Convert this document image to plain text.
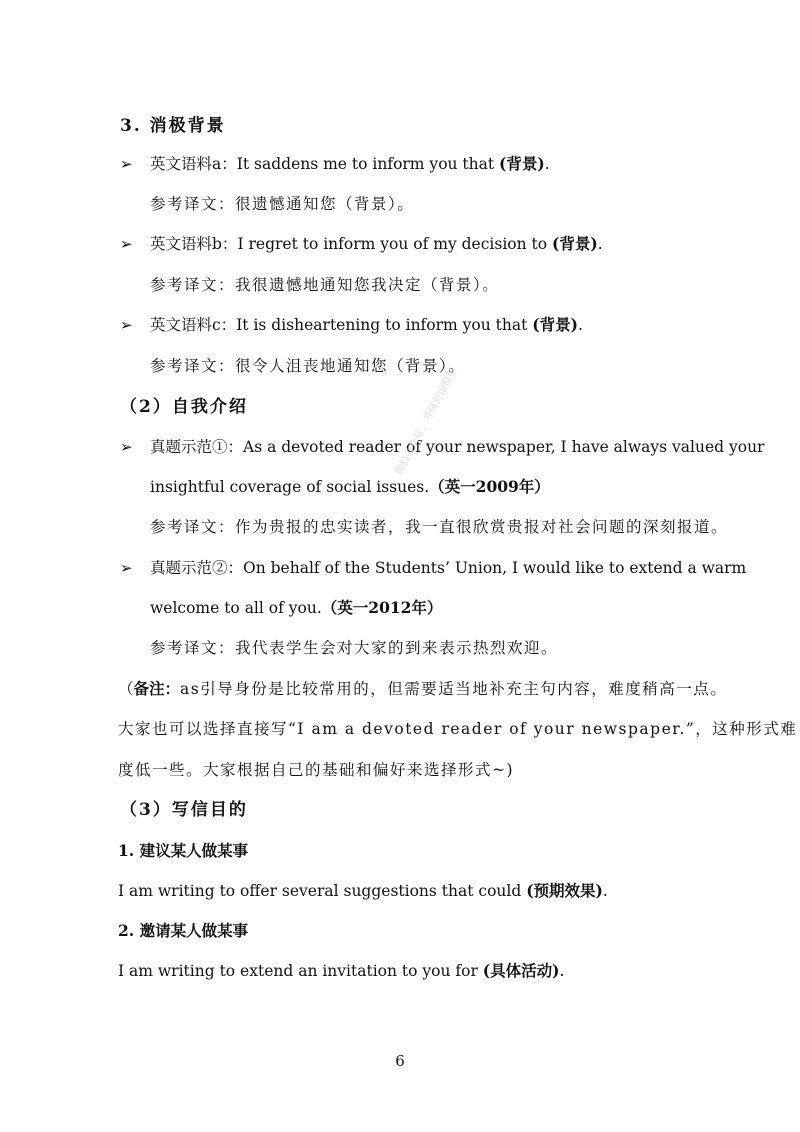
3. 消极背景
➢ 英文语料a：It saddens me to inform you that (背景).
参考译文：很遗憾通知您（背景）。
➢ 英文语料b：I regret to inform you of my decision to (背景).
参考译文：我很遗憾地通知您我决定（背景）。
➢ 英文语料c：It is disheartening to inform you that (背景).
参考译文：很令人沮丧地通知您（背景）。
（2）自我介绍
➢ 真题示范①：As a devoted reader of your newspaper, I have always valued your
insightful coverage of social issues.（英一2009年）
参考译文：作为贵报的忠实读者，我一直很欣赏贵报对社会问题的深刻报道。
➢ 真题示范②：On behalf of the Students’ Union, I would like to extend a warm
welcome to all of you.（英一2012年）
参考译文：我代表学生会对大家的到来表示热烈欢迎。
（备注：as引导身份是比较常用的，但需要适当地补充主句内容，难度稍高一点。
大家也可以选择直接写“I am a devoted reader of your newspaper.”，这种形式难
度低一些。大家根据自己的基础和偏好来选择形式~)
（3）写信目的
1. 建议某人做某事
I am writing to offer several suggestions that could (预期效果).
2. 邀请某人做某事
I am writing to extend an invitation to you for (具体活动).
微信公众号：考研英语资料
6
